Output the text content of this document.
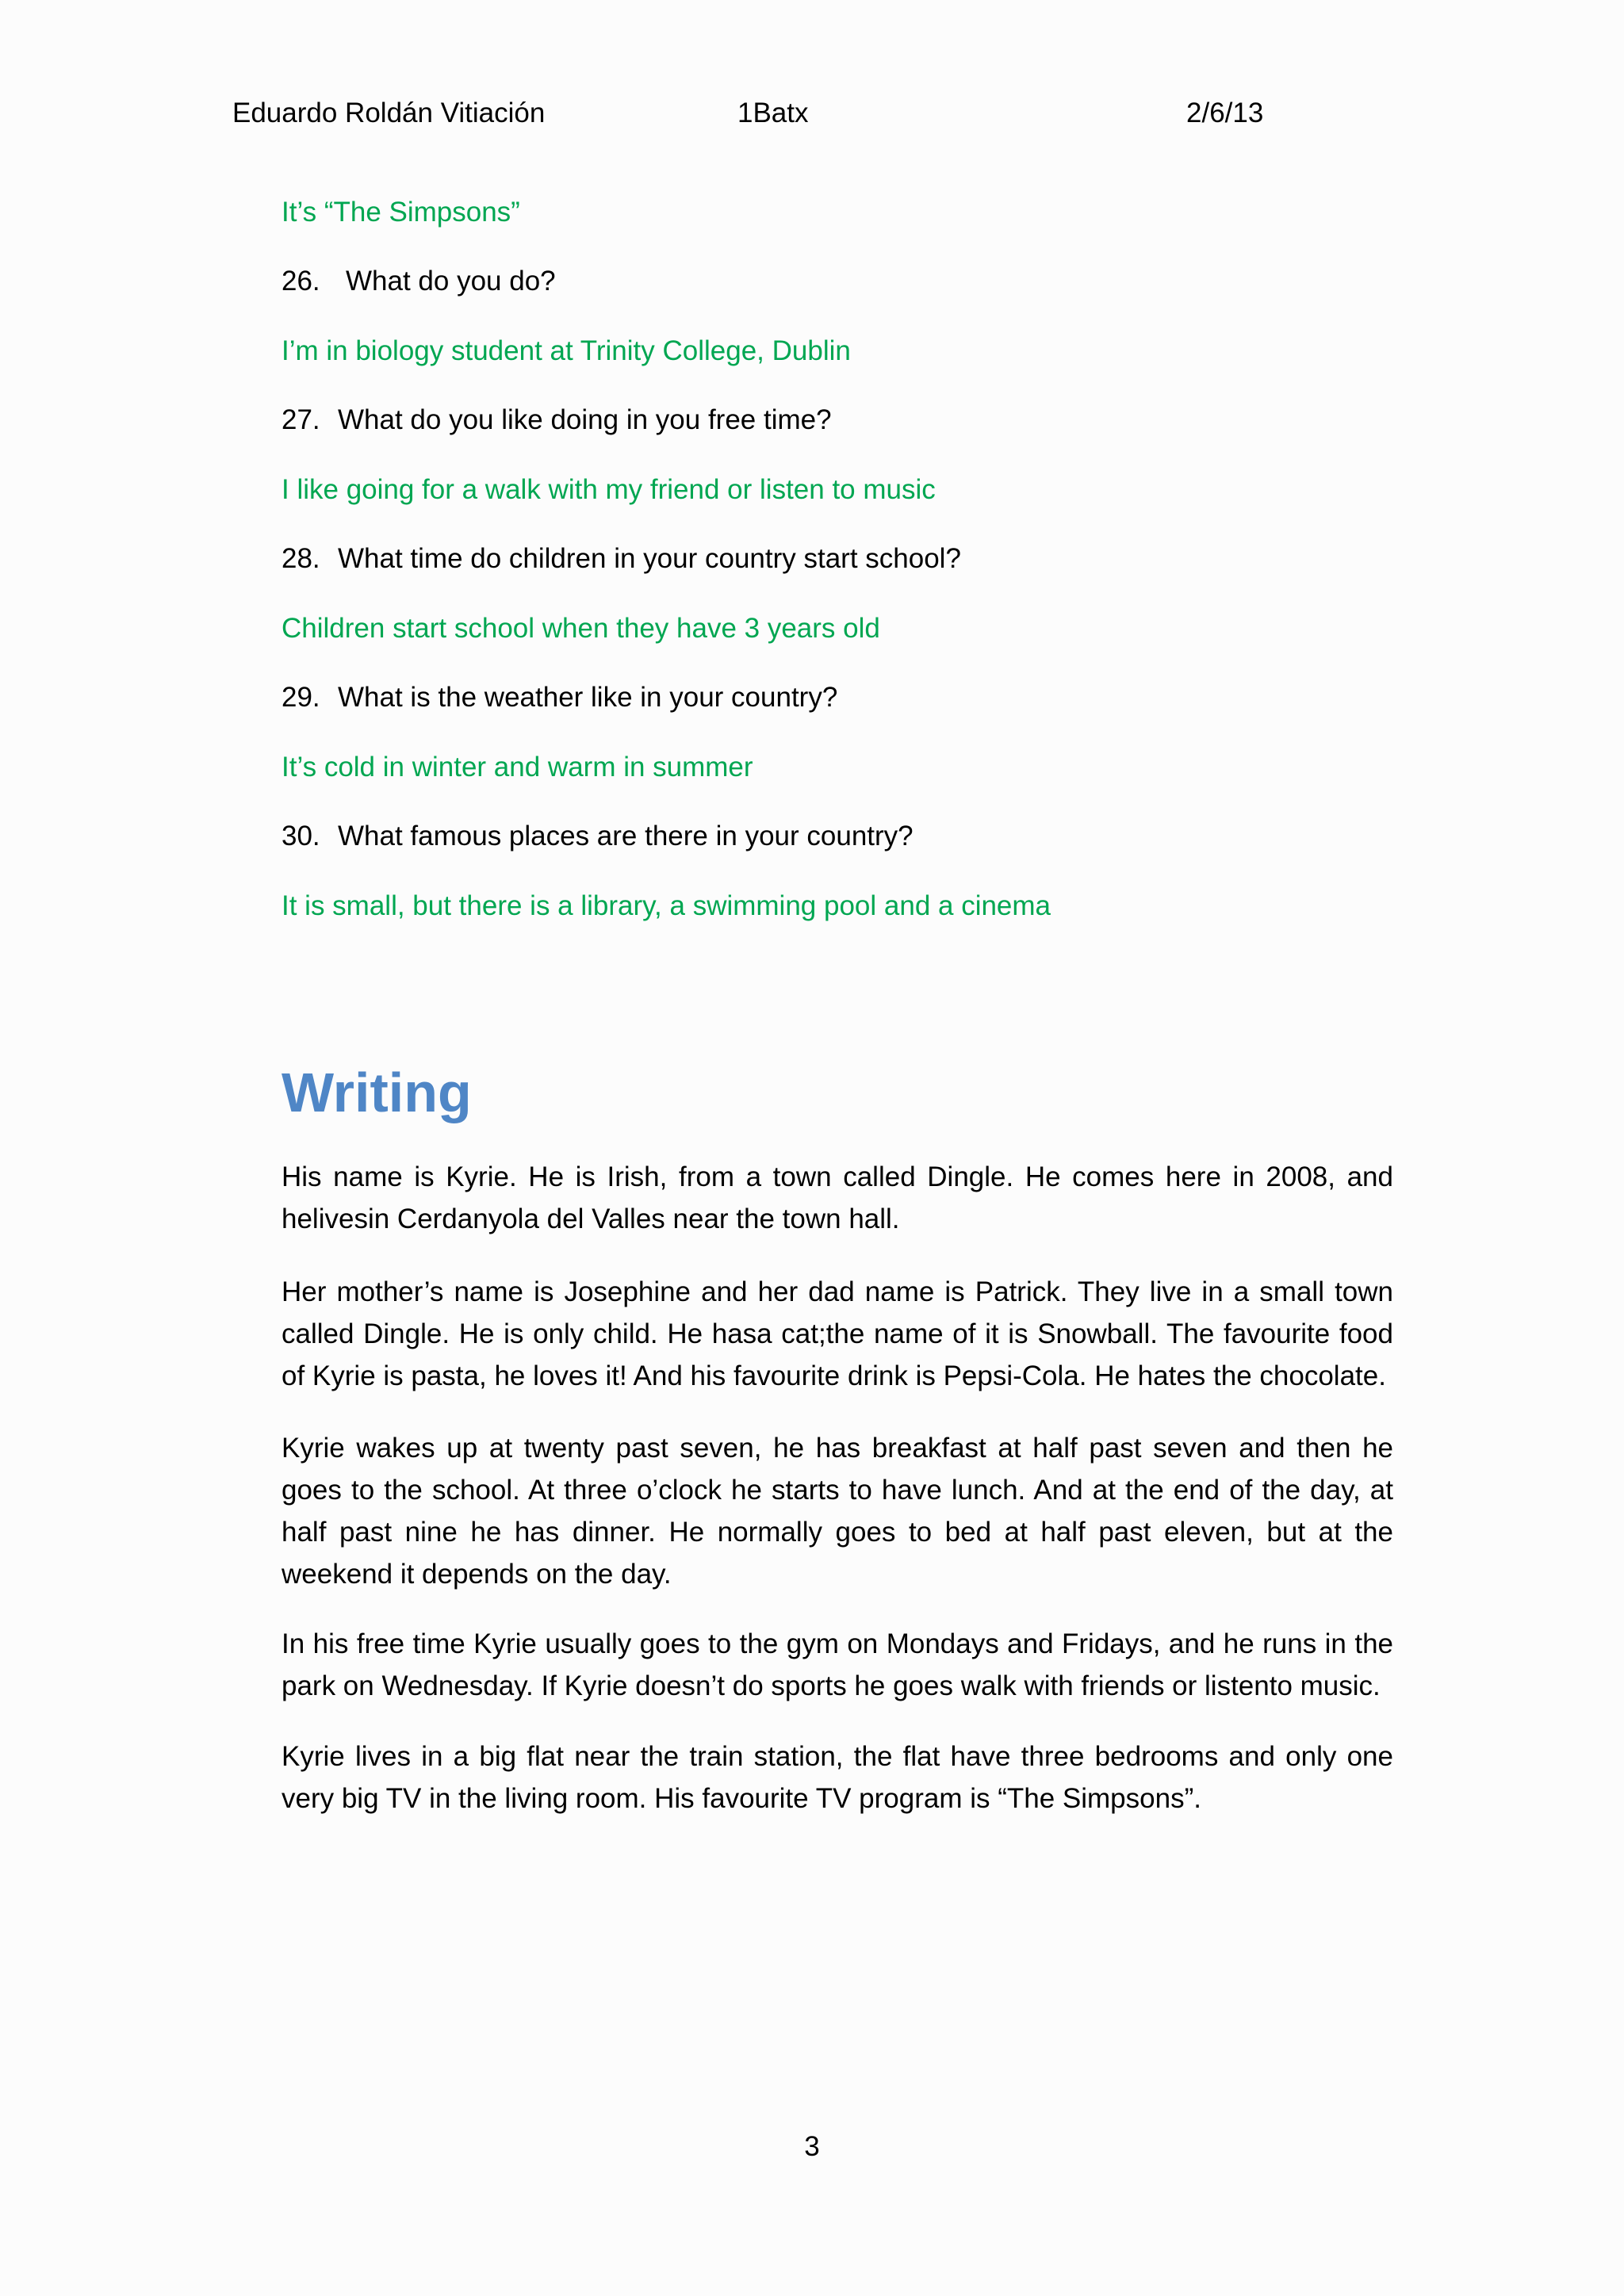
Eduardo Roldán Vitiación	1Batx	2/6/13
It’s “The Simpsons”
26. What do you do?
I’m in biology student at Trinity College, Dublin
27. What do you like doing in you free time?
I like going for a walk with my friend or listen to music
28. What time do children in your country start school?
Children start school when they have 3 years old
29. What is the weather like in your country?
It’s cold in winter and warm in summer
30. What famous places are there in your country?
It is small, but there is a library, a swimming pool and a cinema
Writing

His name is Kyrie. He is Irish, from a town called Dingle. He comes here in 2008, and helivesin Cerdanyola del Valles near the town hall.

Her mother’s name is Josephine and her dad name is Patrick. They live in a small town called Dingle. He is only child. He hasa cat;the name of it is Snowball. The favourite food of Kyrie is pasta, he loves it! And his favourite drink is Pepsi-Cola. He hates the chocolate.

Kyrie wakes up at twenty past seven, he has breakfast at half past seven and then he goes to the school. At three o’clock he starts to have lunch. And at the end of the day, at half past nine he has dinner. He normally goes to bed at half past eleven, but at the weekend it depends on the day.

In his free time Kyrie usually goes to the gym on Mondays and Fridays, and he runs in the park on Wednesday. If Kyrie doesn’t do sports he goes walk with friends or listento music.

Kyrie lives in a big flat near the train station, the flat have three bedrooms and only one very big TV in the living room. His favourite TV program is “The Simpsons”.

3
